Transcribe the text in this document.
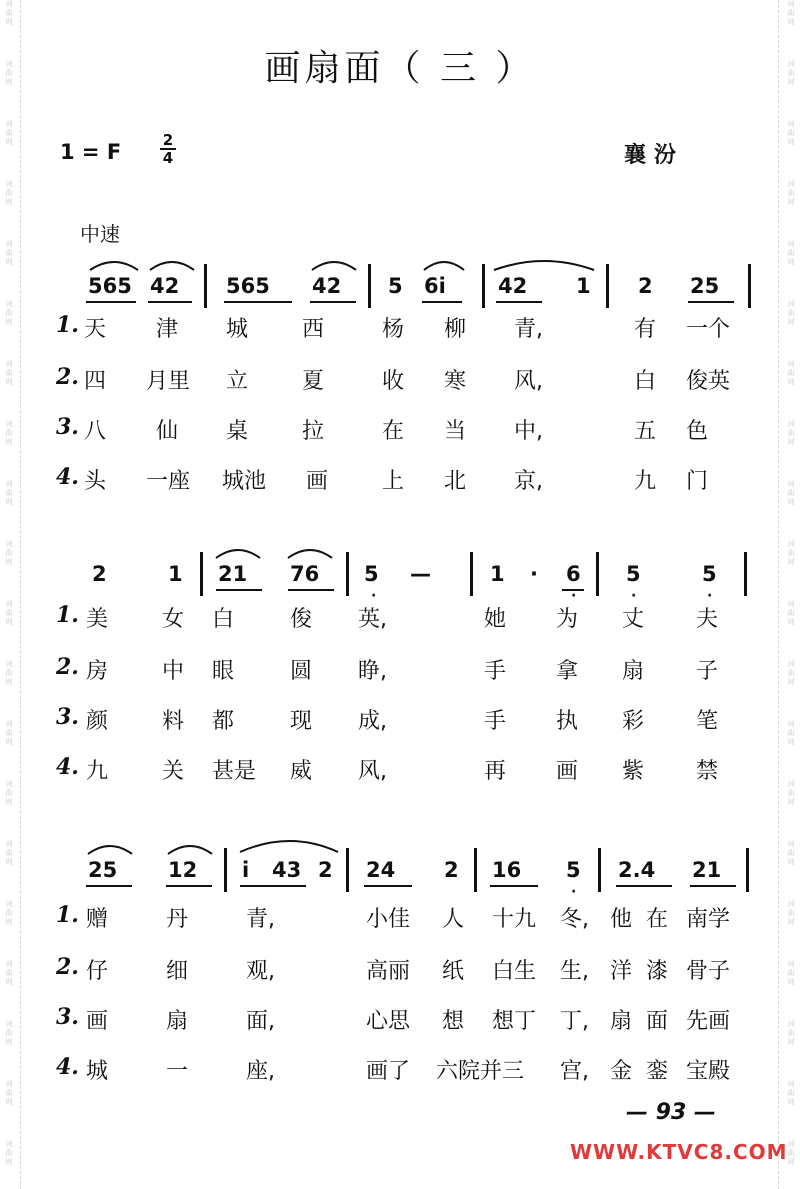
词
曲
网
词
曲
网
词
曲
网
词
曲
网
词
曲
网
词
曲
网
词
曲
网
词
曲
网
词
曲
网
词
曲
网
词
曲
网
词
曲
网
词
曲
网
词
曲
网
词
曲
网
词
曲
网
词
曲
网
词
曲
网
词
曲
网
词
曲
网
词
曲
网
词
曲
网
词
曲
网
词
曲
网
词
曲
网
词
曲
网
词
曲
网
词
曲
网
词
曲
网
词
曲
网
词
曲
网
词
曲
网
词
曲
网
词
曲
网
词
曲
网
词
曲
网
词
曲
网
词
曲
网
词
曲
网
词
曲
网
画扇面（ 三 ）
1 = F	2
4	襄汾
中速
565 42 565 42 5 6i 42 1 2 25
1. 天 津 城 西	杨 柳 青,	有 一个
2. 四 月里 立 夏	收 寒 风,	白 俊英
3. 八 仙 桌 拉	在 当 中,	五 色
4. 头 一座 城池 画 上 北 京,	九 门
2	1 21 76 5 —	1 · 6 5	5
·	·	·	·
1. 美 女 白	俊 英,	她 为 丈 夫
2. 房 中 眼	圆 睁,	手 拿 扇 子
3. 颜 料 都	现 成,	手 执 彩 笔
4. 九 关 甚是 威 风,	再 画 紫 禁
25 12 i 43 2 24 2 16 5 2.4 21
·
1. 赠	丹	青,	小佳 人 十九 冬, 他 在 南学
2. 仔	细	观,	高丽 纸 白生 生, 洋 漆 骨子
3. 画	扇	面,	心思 想 想丁 丁, 扇 面 先画
4. 城	一	座,	画了 六院并三 宫, 金 銮 宝殿
— 93 —
WWW.KTVC8.COM
